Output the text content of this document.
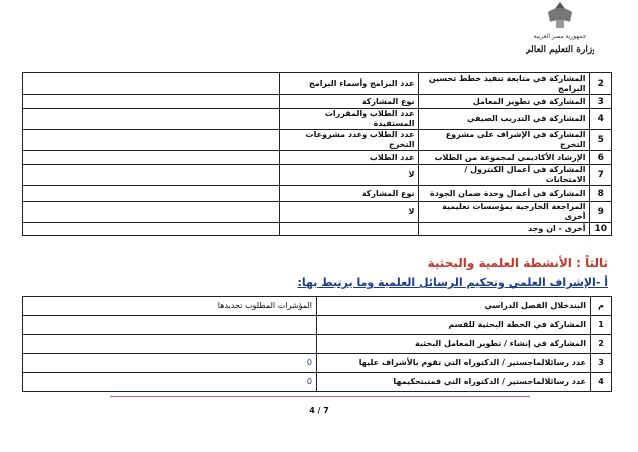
جمهورية مصر العربية
وزارة التعليم العالي
2	المشاركة في متابعة تنفيذ خطط تحسين البرامج	عدد البرامج وأسماء البرامج	
3	المشاركة في تطوير المعامل	نوع المشاركة	
4	المشاركة في التدريب الصيفي	عدد الطلاب والمقررات المستفيدة	
5	المشاركة في الإشراف على مشروع التخرج	عدد الطلاب وعدد مشروعات التخرج	
6	الإرشاد الأكاديمي لمجموعة من الطلاب	عدد الطلاب	
7	المشاركة في أعمال الكنترول / الامتحانات	لا	
8	المشاركة في أعمال وحدة ضمان الجودة	نوع المشاركة	
9	المراجعة الخارجية بمؤسسات تعليمية أخرى	لا	
10	أخرى - ان وجد		
ثالثاً : الأنشطة العلمية والبحثية
أ -الإشراف العلمي وتحكيم الرسائل العلمية وما يرتبط بها:
م	البندخلال الفصل الدراسي	المؤشرات المطلوب تحديدها
1	المشاركة في الخطة البحثية للقسم	
2	المشاركة في إنشاء / تطوير المعامل البحثية	
3	عدد رسائلالماجستير / الدكتوراه التي تقوم بالأشراف عليها	0
4	عدد رسائلالماجستير / الدكتوراه التي قمتبتحكيمها	0
4 / 7
